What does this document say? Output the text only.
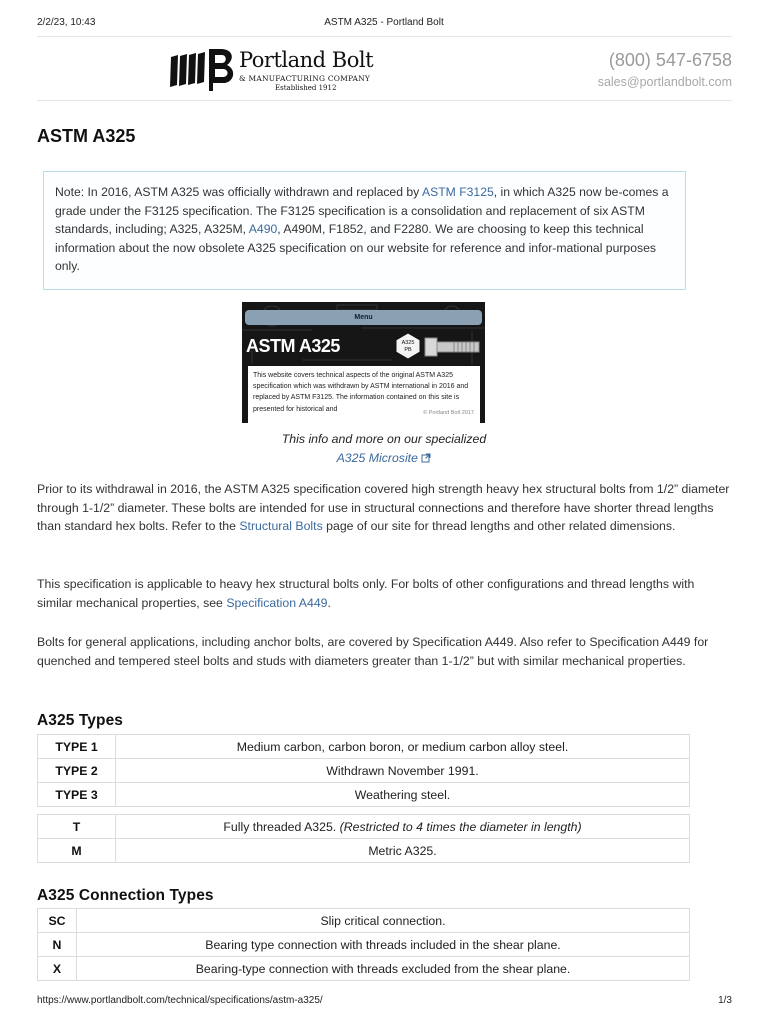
2/2/23, 10:43	ASTM A325 - Portland Bolt
Portland Bolt
& MANUFACTURING COMPANY
Established 1912
(800) 547-6758
sales@portlandbolt.com
ASTM A325
Note: In 2016, ASTM A325 was officially withdrawn and replaced by ASTM F3125, in which A325 now be-comes a grade under the F3125 specification. The F3125 specification is a consolidation and replacement of six ASTM standards, including; A325, A325M, A490, A490M, F1852, and F2280. We are choosing to keep this technical information about the now obsolete A325 specification on our website for reference and infor-mational purposes only.
Menu
ASTM A325	A325
PB
This website covers technical aspects of the original ASTM A325 specification which was withdrawn by ASTM international in 2016 and replaced by ASTM F3125. The information contained on this site is presented for historical and
© Portland Bolt 2017
This info and more on our specialized
A325 Microsite

Prior to its withdrawal in 2016, the ASTM A325 specification covered high strength heavy hex structural bolts from 1/2” diameter through 1-1/2” diameter. These bolts are intended for use in structural connections and therefore have shorter thread lengths than standard hex bolts. Refer to the Structural Bolts page of our site for thread lengths and other related dimensions.

This specification is applicable to heavy hex structural bolts only. For bolts of other configurations and thread lengths with similar mechanical properties, see Specification A449.

Bolts for general applications, including anchor bolts, are covered by Specification A449. Also refer to Specification A449 for quenched and tempered steel bolts and studs with diameters greater than 1-1/2” but with similar mechanical properties.

A325 Types
TYPE 1	Medium carbon, carbon boron, or medium carbon alloy steel.
TYPE 2	Withdrawn November 1991.
TYPE 3	Weathering steel.
T	Fully threaded A325. (Restricted to 4 times the diameter in length)
M	Metric A325.
A325 Connection Types
SC	Slip critical connection.
N	Bearing type connection with threads included in the shear plane.
X	Bearing-type connection with threads excluded from the shear plane.
https://www.portlandbolt.com/technical/specifications/astm-a325/	1/3
